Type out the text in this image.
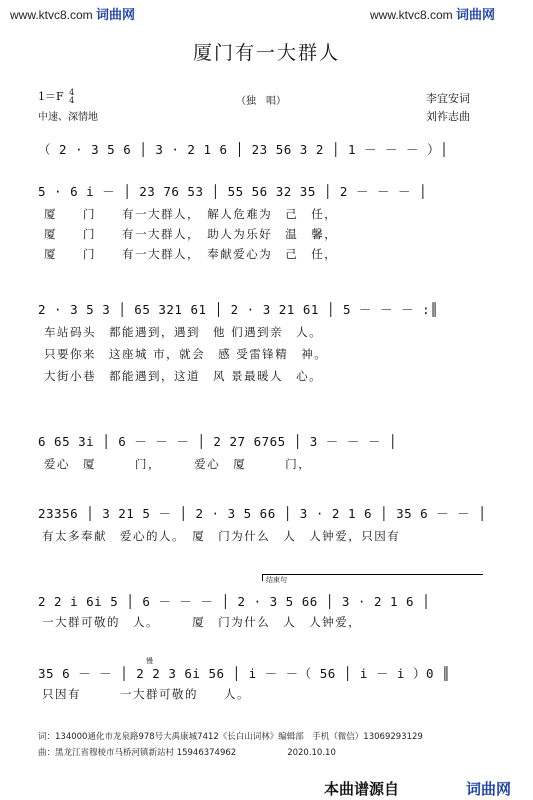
www.ktvc8.com 词曲网	www.ktvc8.com 词曲网
厦门有一大群人
1＝F 4
4
中速、深情地
（独　唱）	李宜安词
刘祚志曲
（ 2 · 3 5 6 │ 3 · 2 1 6 │ 23 56 3 2 │ 1 － － － ）│
5 · 6 i － │ 23 76 53 │ 55 56 32 35 │ 2 － － － │
厦　　门　　有一大群人，　解人危难为　己　任，
厦　　门　　有一大群人，　助人为乐好　温　馨，
厦　　门　　有一大群人，　奉献爱心为　己　任，
2 · 3 5 3 │ 65 321 61 │ 2 · 3 21 61 │ 5 － － － :║
车站码头　都能遇到，遇到　他 们遇到亲　人。
只要你来　这座城 市，就会　感 受雷锋精　神。
大街小巷　都能遇到，这道　风 景最暖人　心。
6 65 3i │ 6 － － － │ 2 27 6765 │ 3 － － － │
爱心　厦　　　门，　　　爱心　厦　　　门，
23356 │ 3 21 5 － │ 2 · 3 5 66 │ 3 · 2 1 6 │ 35 6 － － │
有太多奉献　爱心的人。　厦　门为什么　人　人钟爱，只因有
结束句
2 2 i 6i 5 │ 6 － － － │ 2 · 3 5 66 │ 3 · 2 1 6 │
一大群可敬的　人。　　　厦　门为什么　人　人钟爱，
慢
35 6 － － │ 2 2 3 6i 56 │ i － －（ 56 │ i － i ）0 ║
只因有　　　一大群可敬的　　人。
词：134000通化市龙泉路978号大禹康城7412《长白山词林》编辑部　手机（微信）13069293129
曲：黑龙江省穆棱市马桥河镇新站村 15946374962　　　　　　2020.10.10
本曲谱源自	词曲网
